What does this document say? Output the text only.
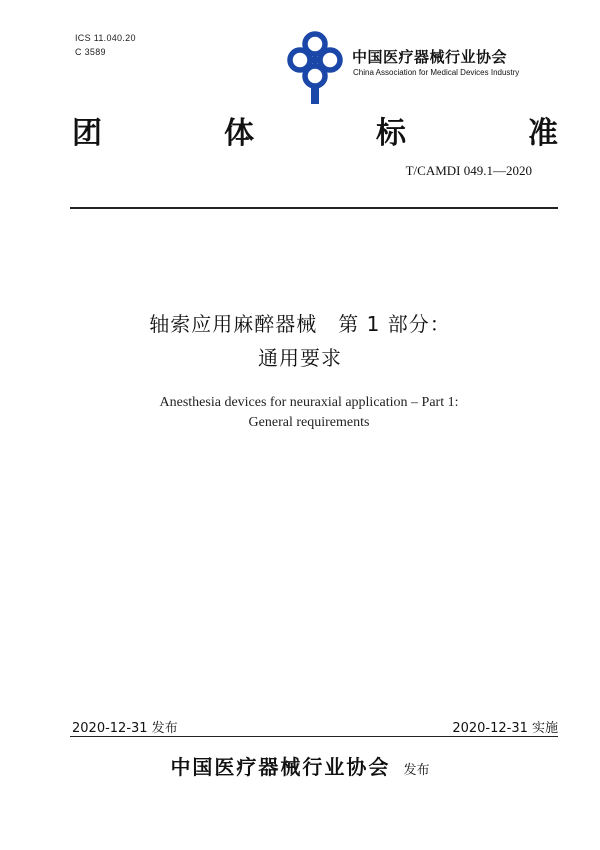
ICS 11.040.20
C 3589	中国医疗器械行业协会
China Association for Medical Devices Industry
团	体	标	准
T/CAMDI 049.1—2020
轴索应用麻醉器械　第 1 部分：
通用要求
Anesthesia devices for neuraxial application – Part 1:
General requirements
2020-12-31 发布	2020-12-31 实施
中国医疗器械行业协会 发布
